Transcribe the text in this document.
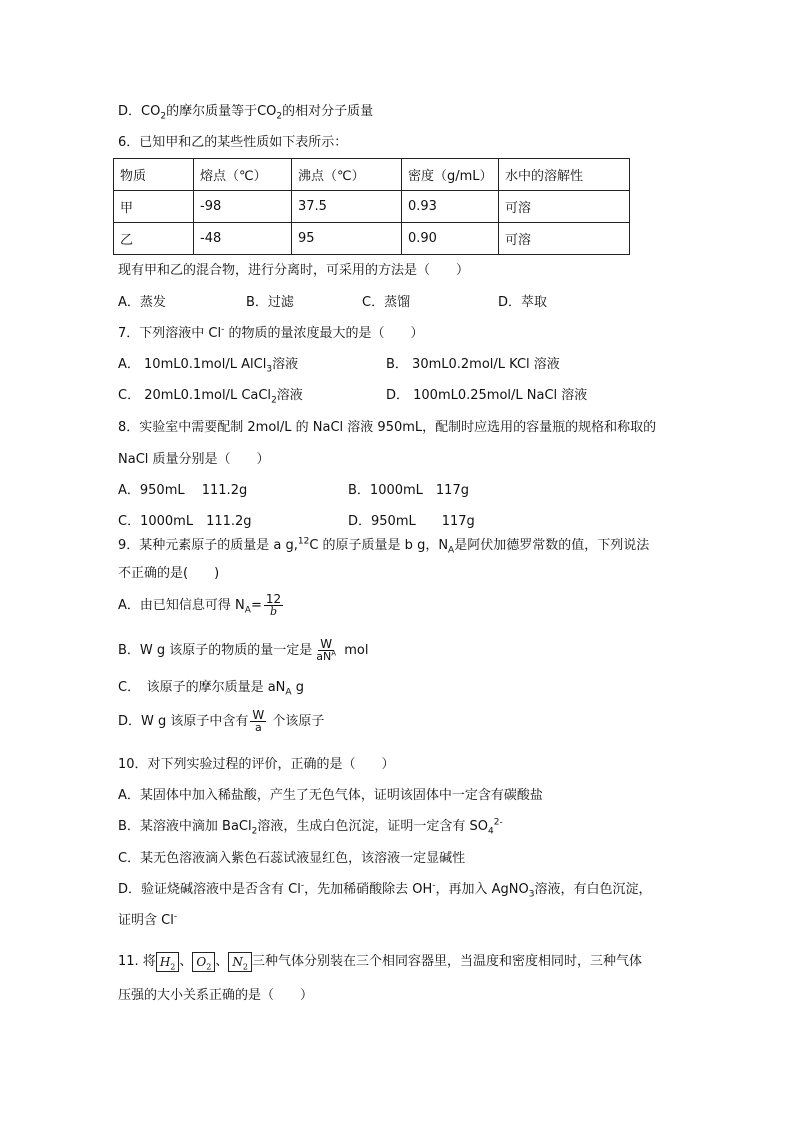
D．$CO_2$的摩尔质量等于$CO_2$的相对分子质量
6．已知甲和乙的某些性质如下表所示：
物质	熔点（℃）	沸点（℃）	密度（g/mL）	水中的溶解性
甲	-98	37.5	0.93	可溶
乙	-48	95	0.90	可溶
现有甲和乙的混合物，进行分离时，可采用的方法是（　　）
A．蒸发	B．过滤	C．蒸馏	D．萃取
7．下列溶液中 Cl- 的物质的量浓度最大的是（　　）
A． 10mL0.1mol/L AlCl$_3$溶液	B． 30mL0.2mol/L KCl 溶液
C． 20mL0.1mol/L CaCl$_2$溶液	D． 100mL0.25mol/L NaCl 溶液
8．实验室中需要配制 2mol/L 的 NaCl 溶液 950mL，配制时应选用的容量瓶的规格和称取的
NaCl 质量分别是（　　）
A．950mL　 111.2g	B．1000mL　117g
C．1000mL　111.2g	D．950mL　　117g
9．某种元素原子的质量是 a g,$^{12}$C 的原子质量是 b g，$N_A$是阿伏加德罗常数的值，下列说法
不正确的是(　　)
A．由已知信息可得 $N_A= \frac{12}{b}$
B．W g 该原子的物质的量一定是 $\frac{W}{aN^A}$ mol
C．　该原子的摩尔质量是 $aN_A$ g
D．W g 该原子中含有 $\frac{W}{a}$ 个该原子
10．对下列实验过程的评价，正确的是（　　）
A．某固体中加入稀盐酸，产生了无色气体，证明该固体中一定含有碳酸盐
B．某溶液中滴加 BaCl$_2$溶液，生成白色沉淀，证明一定含有 $SO_4^{2-}$
C．某无色溶液滴入紫色石蕊试液显红色，该溶液一定显碱性
D．验证烧碱溶液中是否含有 Cl-，先加稀硝酸除去 OH-，再加入 AgNO$_3$溶液，有白色沉淀，
证明含 Cl-
11. 将 $H_2$ 、 $O_2$ 、 $N_2$ 三种气体分别装在三个相同容器里，当温度和密度相同时，三种气体
压强的大小关系正确的是（　　）
